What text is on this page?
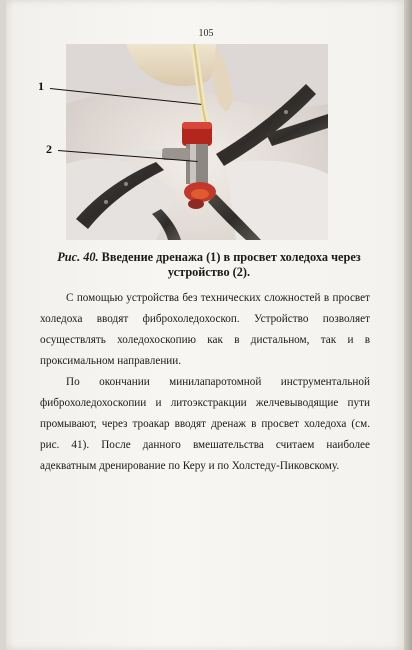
105
1
2
Рис. 40. Введение дренажа (1) в просвет холедоха через устройство (2).

С помощью устройства без технических сложностей в просвет холедоха вводят фиброхоледохоскоп. Устройство позволяет осуществлять холедохоскопию как в дистальном, так и в проксимальном направлении.

По окончании минилапаротомной инструментальной фиброхоледохоскопии и литоэкстракции желчевыводящие пути промывают, через троакар вводят дренаж в просвет холедоха (см. рис. 41). После данного вмешательства считаем наиболее адекватным дренирование по Керу и по Холстеду-Пиковскому.
